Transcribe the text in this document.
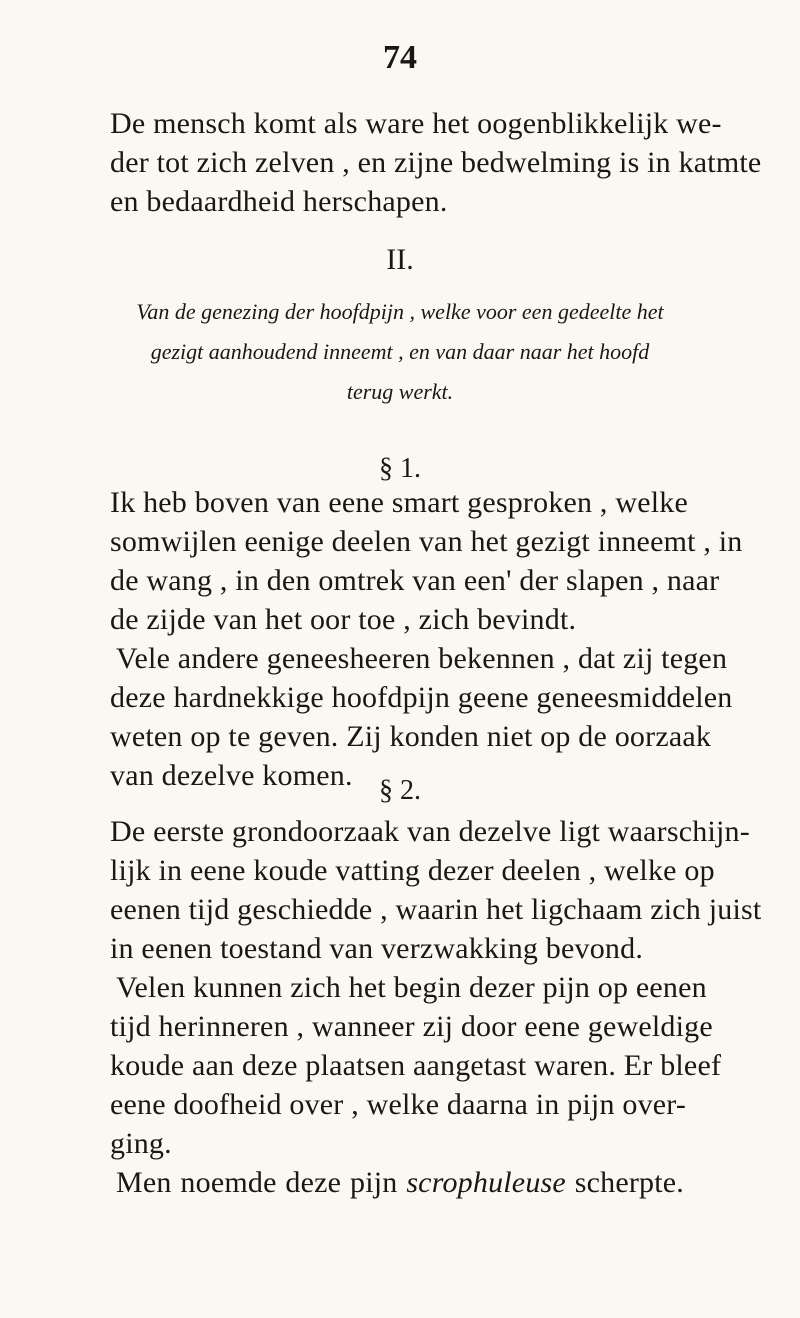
74
De mensch komt als ware het oogenblikkelijk we-
der tot zich zelven , en zijne bedwelming is in katmte
en bedaardheid herschapen.
II.
Van de genezing der hoofdpijn , welke voor een gedeelte het
gezigt aanhoudend inneemt , en van daar naar het hoofd
terug werkt.
§ 1.
Ik heb boven van eene smart gesproken , welke
somwijlen eenige deelen van het gezigt inneemt , in
de wang , in den omtrek van een' der slapen , naar
de zijde van het oor toe , zich bevindt.
Vele andere geneesheeren bekennen , dat zij tegen
deze hardnekkige hoofdpijn geene geneesmiddelen
weten op te geven. Zij konden niet op de oorzaak
van dezelve komen. § 2.
De eerste grondoorzaak van dezelve ligt waarschijn-
lijk in eene koude vatting dezer deelen , welke op
eenen tijd geschiedde , waarin het ligchaam zich juist
in eenen toestand van verzwakking bevond.
Velen kunnen zich het begin dezer pijn op eenen
tijd herinneren , wanneer zij door eene geweldige
koude aan deze plaatsen aangetast waren. Er bleef
eene doofheid over , welke daarna in pijn over-
ging.
Men noemde deze pijn scrophuleuse scherpte.
